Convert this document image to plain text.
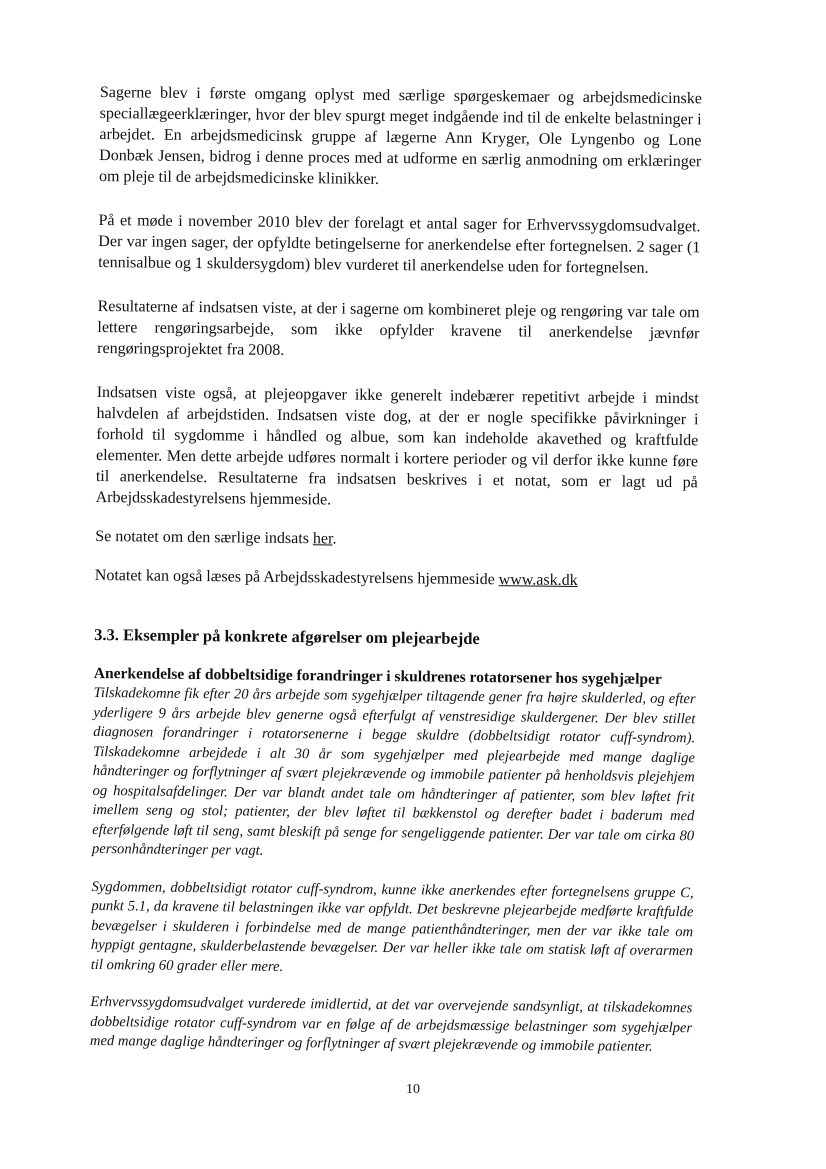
Sagerne blev i første omgang oplyst med særlige spørgeskemaer og arbejdsmedicinske speciallægeerklæringer, hvor der blev spurgt meget indgående ind til de enkelte belastninger i arbejdet. En arbejdsmedicinsk gruppe af lægerne Ann Kryger, Ole Lyngenbo og Lone Donbæk Jensen, bidrog i denne proces med at udforme en særlig anmodning om erklæringer om pleje til de arbejdsmedicinske klinikker.

På et møde i november 2010 blev der forelagt et antal sager for Erhvervssygdomsudvalget. Der var ingen sager, der opfyldte betingelserne for anerkendelse efter fortegnelsen. 2 sager (1 tennisalbue og 1 skuldersygdom) blev vurderet til anerkendelse uden for fortegnelsen.

Resultaterne af indsatsen viste, at der i sagerne om kombineret pleje og rengøring var tale om lettere rengøringsarbejde, som ikke opfylder kravene til anerkendelse jævnfør rengøringsprojektet fra 2008.

Indsatsen viste også, at plejeopgaver ikke generelt indebærer repetitivt arbejde i mindst halvdelen af arbejdstiden. Indsatsen viste dog, at der er nogle specifikke påvirkninger i forhold til sygdomme i håndled og albue, som kan indeholde akavethed og kraftfulde elementer. Men dette arbejde udføres normalt i kortere perioder og vil derfor ikke kunne føre til anerkendelse. Resultaterne fra indsatsen beskrives i et notat, som er lagt ud på Arbejdsskadestyrelsens hjemmeside.

Se notatet om den særlige indsats her.

Notatet kan også læses på Arbejdsskadestyrelsens hjemmeside www.ask.dk

3.3. Eksempler på konkrete afgørelser om plejearbejde
Anerkendelse af dobbeltsidige forandringer i skuldrenes rotatorsener hos sygehjælper

Tilskadekomne fik efter 20 års arbejde som sygehjælper tiltagende gener fra højre skulderled, og efter yderligere 9 års arbejde blev generne også efterfulgt af venstresidige skuldergener. Der blev stillet diagnosen forandringer i rotatorsenerne i begge skuldre (dobbeltsidigt rotator cuff-syndrom). Tilskadekomne arbejdede i alt 30 år som sygehjælper med plejearbejde med mange daglige håndteringer og forflytninger af svært plejekrævende og immobile patienter på henholdsvis plejehjem og hospitalsafdelinger. Der var blandt andet tale om håndteringer af patienter, som blev løftet frit imellem seng og stol; patienter, der blev løftet til bækkenstol og derefter badet i baderum med efterfølgende løft til seng, samt bleskift på senge for sengeliggende patienter. Der var tale om cirka 80 personhåndteringer per vagt.

Sygdommen, dobbeltsidigt rotator cuff-syndrom, kunne ikke anerkendes efter fortegnelsens gruppe C, punkt 5.1, da kravene til belastningen ikke var opfyldt. Det beskrevne plejearbejde medførte kraftfulde bevægelser i skulderen i forbindelse med de mange patienthåndteringer, men der var ikke tale om hyppigt gentagne, skulderbelastende bevægelser. Der var heller ikke tale om statisk løft af overarmen til omkring 60 grader eller mere.

Erhvervssygdomsudvalget vurderede imidlertid, at det var overvejende sandsynligt, at tilskadekomnes dobbeltsidige rotator cuff-syndrom var en følge af de arbejdsmæssige belastninger som sygehjælper med mange daglige håndteringer og forflytninger af svært plejekrævende og immobile patienter.

10
